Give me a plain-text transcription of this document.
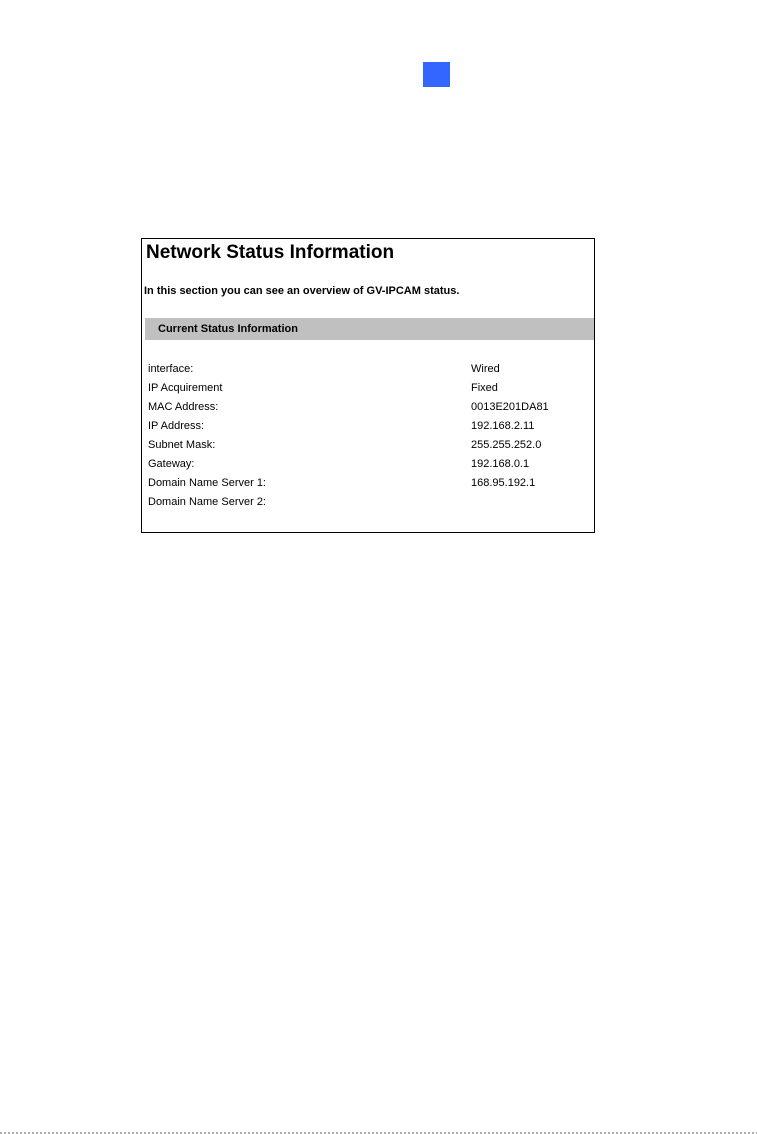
Network Status Information
In this section you can see an overview of GV-IPCAM status.
Current Status Information
interface:	Wired
IP Acquirement	Fixed
MAC Address:	0013E201DA81
IP Address:	192.168.2.11
Subnet Mask:	255.255.252.0
Gateway:	192.168.0.1
Domain Name Server 1:	168.95.192.1
Domain Name Server 2:
